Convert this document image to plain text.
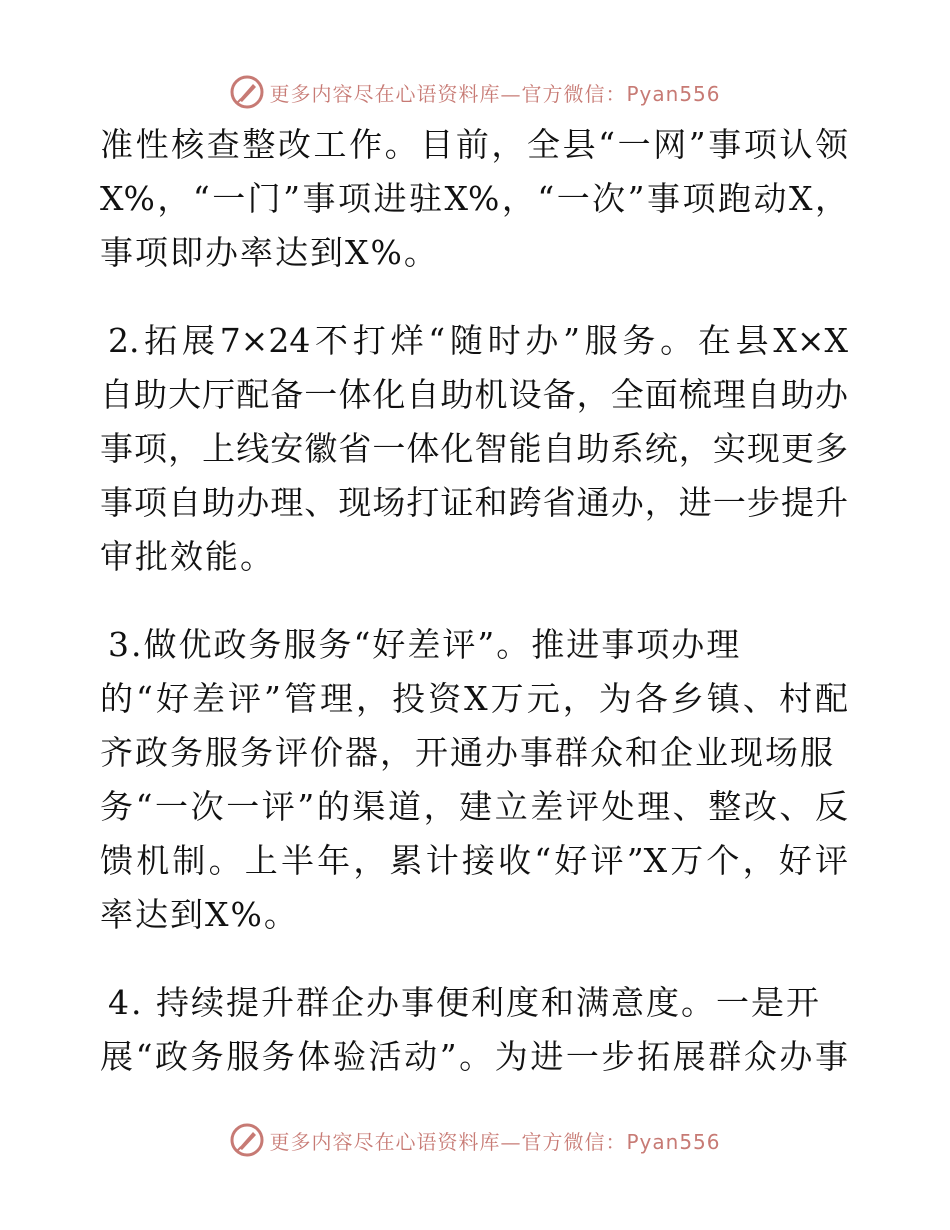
更多内容尽在心语资料库—官方微信：Pyan556
准性核查整改工作。目前，全县“一网”事项认领
X%，“一门”事项进驻X%，“一次”事项跑动X，
事项即办率达到X%。
2.拓展7×24不打烊“随时办”服务。在县X×X
自助大厅配备一体化自助机设备，全面梳理自助办
事项，上线安徽省一体化智能自助系统，实现更多
事项自助办理、现场打证和跨省通办，进一步提升
审批效能。
3.做优政务服务“好差评”。推进事项办理
的“好差评”管理，投资X万元，为各乡镇、村配
齐政务服务评价器，开通办事群众和企业现场服
务“一次一评”的渠道，建立差评处理、整改、反
馈机制。上半年，累计接收“好评”X万个，好评
率达到X%。
4. 持续提升群企办事便利度和满意度。一是开
展“政务服务体验活动”。为进一步拓展群众办事
更多内容尽在心语资料库—官方微信：Pyan556
